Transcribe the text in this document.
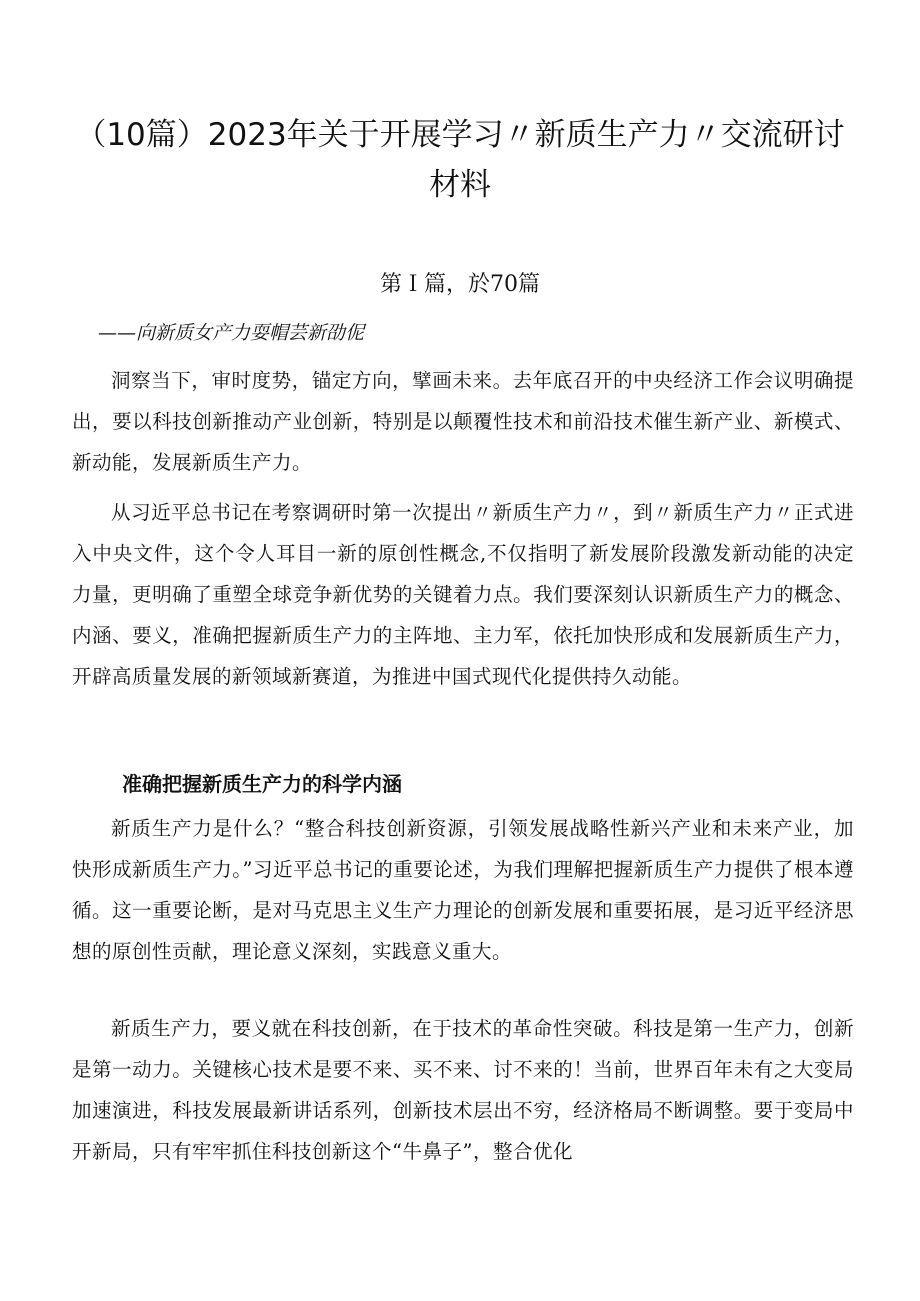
（10篇）2023年关于开展学习〃新质生产力〃交流研讨材料
第Ｉ篇，於70篇
——向新质女产力耍帽芸新劭伲

洞察当下，审时度势，锚定方向，擘画未来。去年底召开的中央经济工作会议明确提出，要以科技创新推动产业创新，特别是以颠覆性技术和前沿技术催生新产业、新模式、新动能，发展新质生产力。

从习近平总书记在考察调研时第一次提出〃新质生产力〃，到〃新质生产力〃正式进入中央文件，这个令人耳目一新的原创性概念,不仅指明了新发展阶段激发新动能的决定力量，更明确了重塑全球竞争新优势的关键着力点。我们要深刻认识新质生产力的概念、内涵、要义，准确把握新质生产力的主阵地、主力军，依托加快形成和发展新质生产力，开辟高质量发展的新领域新赛道，为推进中国式现代化提供持久动能。

准确把握新质生产力的科学内涵

新质生产力是什么？“整合科技创新资源，引领发展战略性新兴产业和未来产业，加快形成新质生产力。”习近平总书记的重要论述，为我们理解把握新质生产力提供了根本遵循。这一重要论断，是对马克思主义生产力理论的创新发展和重要拓展，是习近平经济思想的原创性贡献，理论意义深刻，实践意义重大。

新质生产力，要义就在科技创新，在于技术的革命性突破。科技是第一生产力，创新是第一动力。关键核心技术是要不来、买不来、讨不来的！当前，世界百年未有之大变局加速演进，科技发展最新讲话系列，创新技术层出不穷，经济格局不断调整。要于变局中开新局，只有牢牢抓住科技创新这个“牛鼻子”，整合优化
